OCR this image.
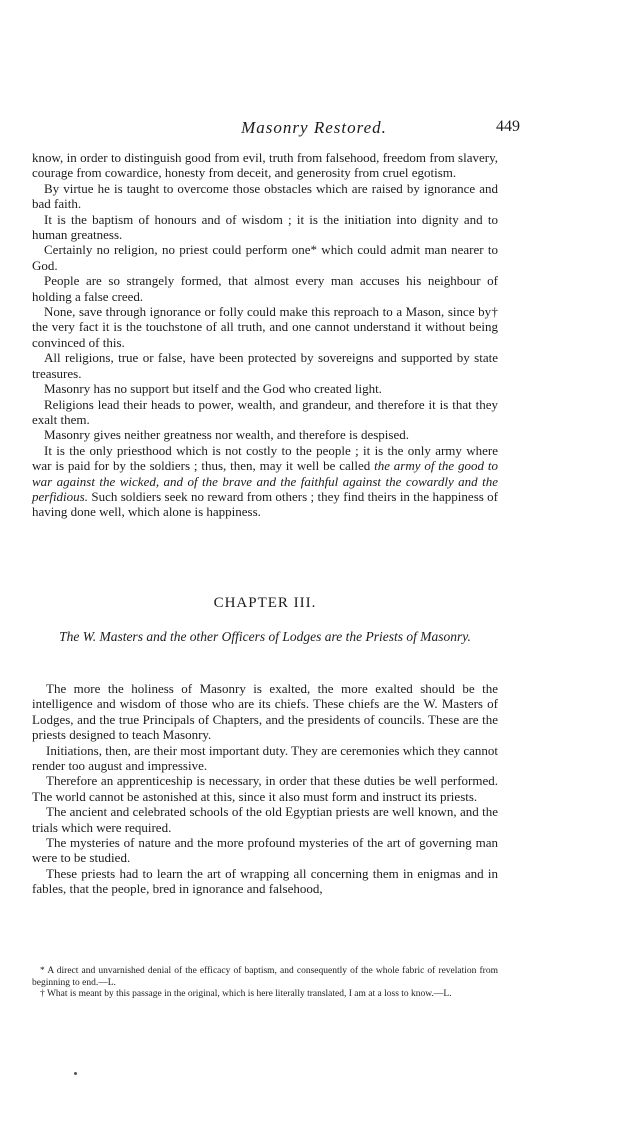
Masonry Restored.	449

know, in order to distinguish good from evil, truth from falsehood, freedom from slavery, courage from cowardice, honesty from deceit, and generosity from cruel egotism.

By virtue he is taught to overcome those obstacles which are raised by ignorance and bad faith.

It is the baptism of honours and of wisdom ; it is the initiation into dignity and to human greatness.

Certainly no religion, no priest could perform one* which could admit man nearer to God.

People are so strangely formed, that almost every man accuses his neighbour of holding a false creed.

None, save through ignorance or folly could make this reproach to a Mason, since by† the very fact it is the touchstone of all truth, and one cannot understand it without being convinced of this.

All religions, true or false, have been protected by sovereigns and supported by state treasures.

Masonry has no support but itself and the God who created light.

Religions lead their heads to power, wealth, and grandeur, and therefore it is that they exalt them.

Masonry gives neither greatness nor wealth, and therefore is despised.

It is the only priesthood which is not costly to the people ; it is the only army where war is paid for by the soldiers ; thus, then, may it well be called the army of the good to war against the wicked, and of the brave and the faithful against the cowardly and the perfidious. Such soldiers seek no reward from others ; they find theirs in the happiness of having done well, which alone is happiness.

CHAPTER III.
The W. Masters and the other Officers of Lodges are the Priests of Masonry.

The more the holiness of Masonry is exalted, the more exalted should be the intelligence and wisdom of those who are its chiefs. These chiefs are the W. Masters of Lodges, and the true Principals of Chapters, and the presidents of councils. These are the priests designed to teach Masonry.

Initiations, then, are their most important duty. They are ceremonies which they cannot render too august and impressive.

Therefore an apprenticeship is necessary, in order that these duties be well performed. The world cannot be astonished at this, since it also must form and instruct its priests.

The ancient and celebrated schools of the old Egyptian priests are well known, and the trials which were required.

The mysteries of nature and the more profound mysteries of the art of governing man were to be studied.

These priests had to learn the art of wrapping all concerning them in enigmas and in fables, that the people, bred in ignorance and falsehood,

* A direct and unvarnished denial of the efficacy of baptism, and consequently of the whole fabric of revelation from beginning to end.—L.

† What is meant by this passage in the original, which is here literally translated, I am at a loss to know.—L.
